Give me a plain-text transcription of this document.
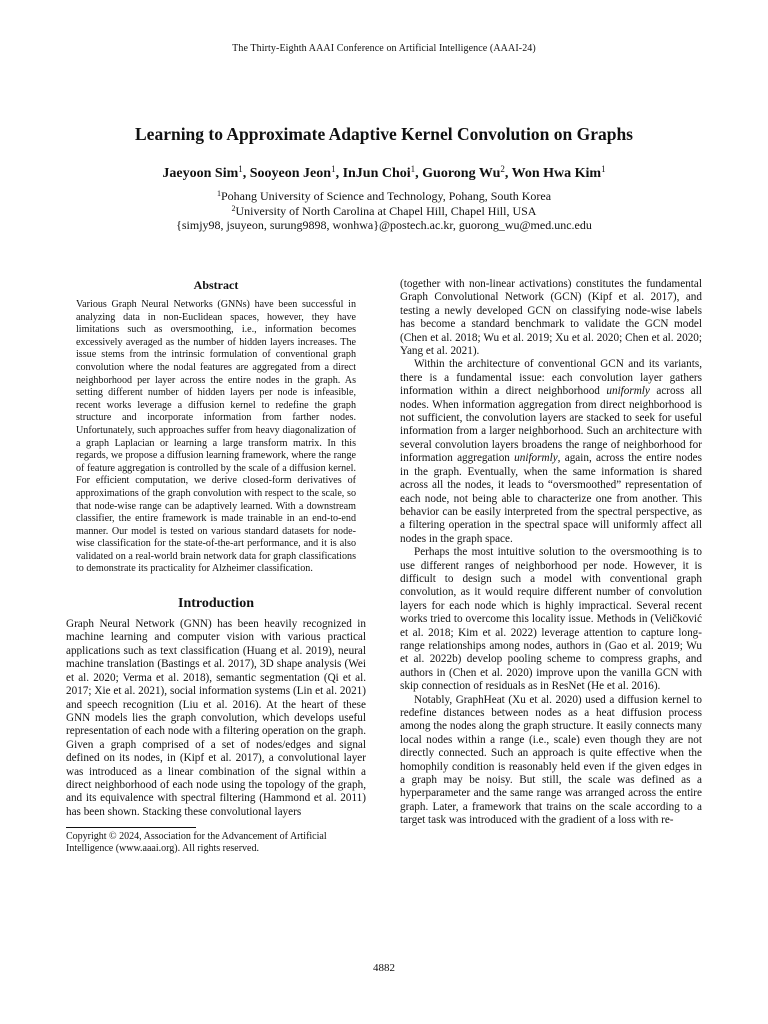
The Thirty-Eighth AAAI Conference on Artificial Intelligence (AAAI-24)
Learning to Approximate Adaptive Kernel Convolution on Graphs
Jaeyoon Sim$^1$, Sooyeon Jeon$^1$, InJun Choi$^1$, Guorong Wu$^2$, Won Hwa Kim$^1$
$^1$Pohang University of Science and Technology, Pohang, South Korea
$^2$University of North Carolina at Chapel Hill, Chapel Hill, USA
{simjy98, jsuyeon, surung9898, wonhwa}@postech.ac.kr, guorong_wu@med.unc.edu
Abstract

Various Graph Neural Networks (GNNs) have been successful in analyzing data in non-Euclidean spaces, however, they have limitations such as oversmoothing, i.e., information becomes excessively averaged as the number of hidden layers increases. The issue stems from the intrinsic formulation of conventional graph convolution where the nodal features are aggregated from a direct neighborhood per layer across the entire nodes in the graph. As setting different number of hidden layers per node is infeasible, recent works leverage a diffusion kernel to redefine the graph structure and incorporate information from farther nodes. Unfortunately, such approaches suffer from heavy diagonalization of a graph Laplacian or learning a large transform matrix. In this regards, we propose a diffusion learning framework, where the range of feature aggregation is controlled by the scale of a diffusion kernel. For efficient computation, we derive closed-form derivatives of approximations of the graph convolution with respect to the scale, so that node-wise range can be adaptively learned. With a downstream classifier, the entire framework is made trainable in an end-to-end manner. Our model is tested on various standard datasets for node-wise classification for the state-of-the-art performance, and it is also validated on a real-world brain network data for graph classifications to demonstrate its practicality for Alzheimer classification.

Introduction

Graph Neural Network (GNN) has been heavily recognized in machine learning and computer vision with various practical applications such as text classification (Huang et al. 2019), neural machine translation (Bastings et al. 2017), 3D shape analysis (Wei et al. 2020; Verma et al. 2018), semantic segmentation (Qi et al. 2017; Xie et al. 2021), social information systems (Lin et al. 2021) and speech recognition (Liu et al. 2016). At the heart of these GNN models lies the graph convolution, which develops useful representation of each node with a filtering operation on the graph. Given a graph comprised of a set of nodes/edges and signal defined on its nodes, in (Kipf et al. 2017), a convolutional layer was introduced as a linear combination of the signal within a direct neighborhood of each node using the topology of the graph, and its equivalence with spectral filtering (Hammond et al. 2011) has been shown. Stacking these convolutional layers

Copyright © 2024, Association for the Advancement of Artificial Intelligence (www.aaai.org). All rights reserved.

(together with non-linear activations) constitutes the fundamental Graph Convolutional Network (GCN) (Kipf et al. 2017), and testing a newly developed GCN on classifying node-wise labels has become a standard benchmark to validate the GCN model (Chen et al. 2018; Wu et al. 2019; Xu et al. 2020; Chen et al. 2020; Yang et al. 2021).

Within the architecture of conventional GCN and its variants, there is a fundamental issue: each convolution layer gathers information within a direct neighborhood uniformly across all nodes. When information aggregation from direct neighborhood is not sufficient, the convolution layers are stacked to seek for useful information from a larger neighborhood. Such an architecture with several convolution layers broadens the range of neighborhood for information aggregation uniformly, again, across the entire nodes in the graph. Eventually, when the same information is shared across all the nodes, it leads to “oversmoothed” representation of each node, not being able to characterize one from another. This behavior can be easily interpreted from the spectral perspective, as a filtering operation in the spectral space will uniformly affect all nodes in the graph space.

Perhaps the most intuitive solution to the oversmoothing is to use different ranges of neighborhood per node. However, it is difficult to design such a model with conventional graph convolution, as it would require different number of convolution layers for each node which is highly impractical. Several recent works tried to overcome this locality issue. Methods in (Veličković et al. 2018; Kim et al. 2022) leverage attention to capture long-range relationships among nodes, authors in (Gao et al. 2019; Wu et al. 2022b) develop pooling scheme to compress graphs, and authors in (Chen et al. 2020) improve upon the vanilla GCN with skip connection of residuals as in ResNet (He et al. 2016).

Notably, GraphHeat (Xu et al. 2020) used a diffusion kernel to redefine distances between nodes as a heat diffusion process among the nodes along the graph structure. It easily connects many local nodes within a range (i.e., scale) even though they are not directly connected. Such an approach is quite effective when the homophily condition is reasonably held even if the given edges in a graph may be noisy. But still, the scale was defined as a hyperparameter and the same range was arranged across the entire graph. Later, a framework that trains on the scale according to a target task was introduced with the gradient of a loss with re-

4882
